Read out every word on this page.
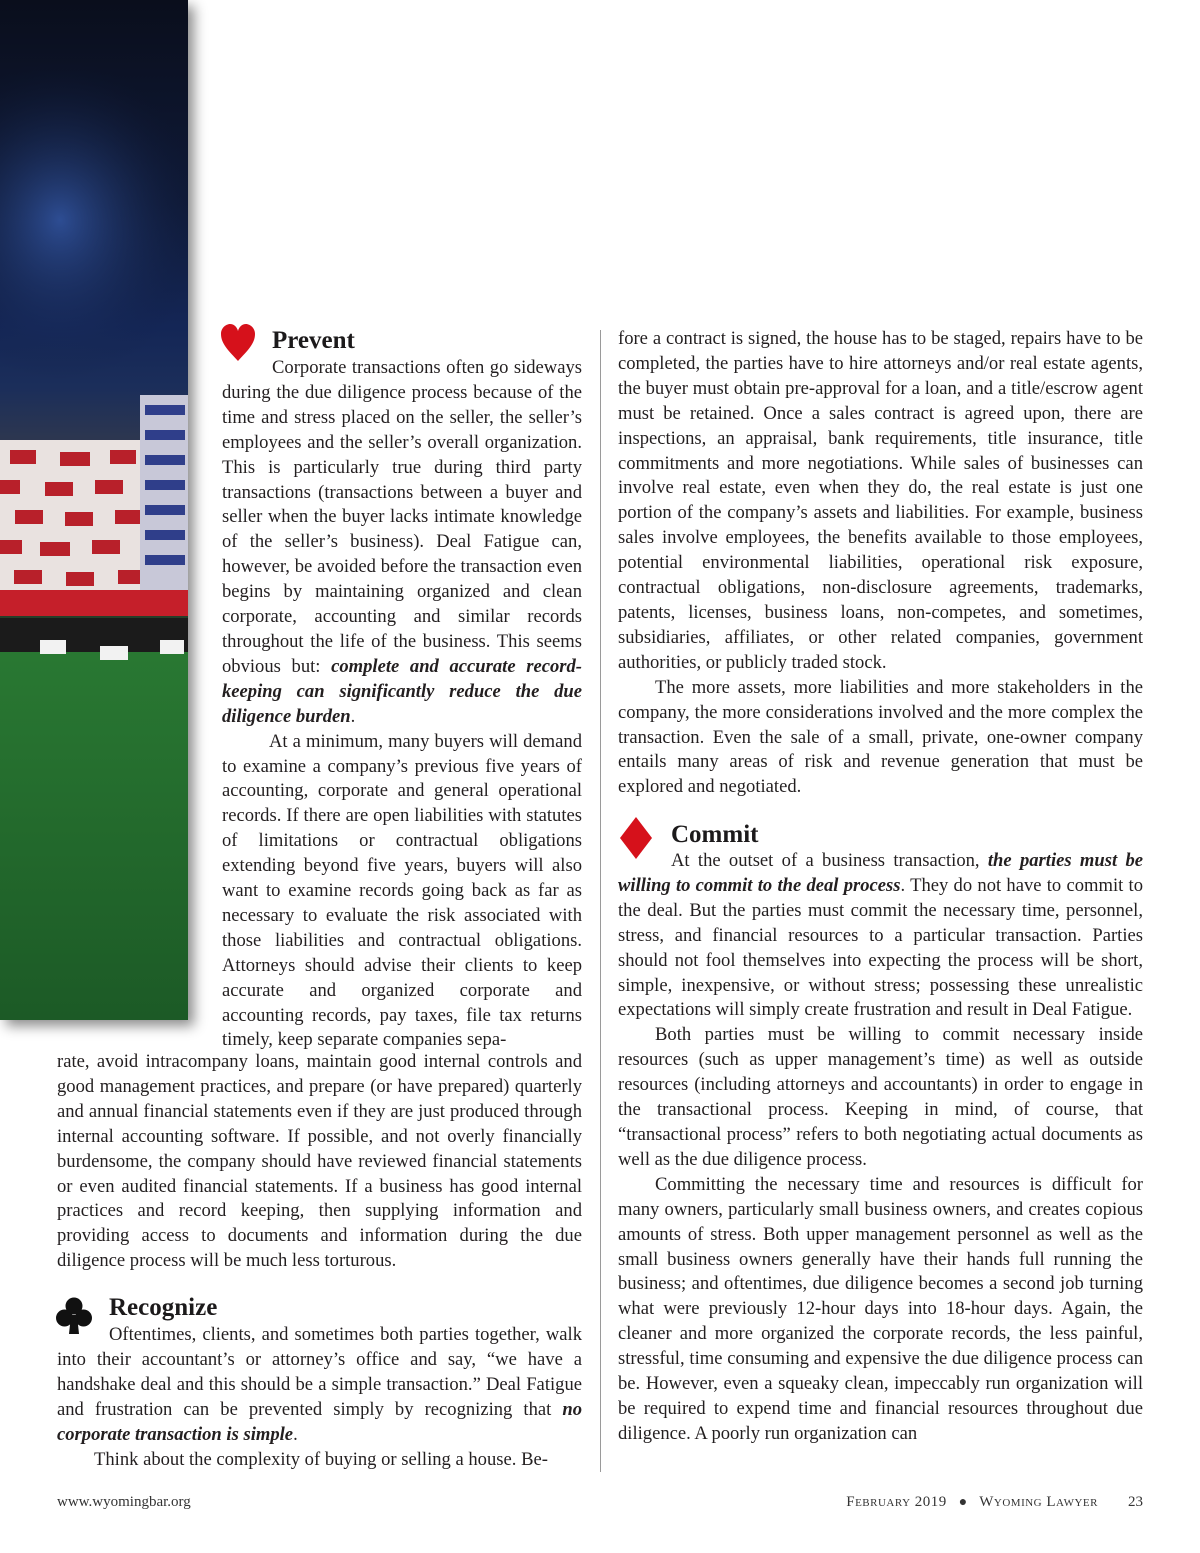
Prevent

Corporate transactions often go sideways during the due diligence process because of the time and stress placed on the seller, the seller’s employees and the seller’s overall organization. This is particularly true during third party transactions (transactions between a buyer and seller when the buyer lacks intimate knowledge of the seller’s business). Deal Fatigue can, however, be avoided before the transaction even begins by maintaining organized and clean corporate, accounting and similar records throughout the life of the business. This seems obvious but: complete and accurate record-keeping can significantly reduce the due diligence burden.

At a minimum, many buyers will demand to examine a company’s previous five years of accounting, corporate and general operational records. If there are open liabilities with statutes of limitations or contractual obligations extending beyond five years, buyers will also want to examine records going back as far as necessary to evaluate the risk associated with those liabilities and contractual obligations. Attorneys should advise their clients to keep accurate and organized corporate and accounting records, pay taxes, file tax returns timely, keep separate companies sepa-

rate, avoid intracompany loans, maintain good internal controls and good management practices, and prepare (or have prepared) quarterly and annual financial statements even if they are just produced through internal accounting software. If possible, and not overly financially burdensome, the company should have reviewed financial statements or even audited financial statements. If a business has good internal practices and record keeping, then supplying information and providing access to documents and information during the due diligence process will be much less torturous.

Recognize

Oftentimes, clients, and sometimes both parties together, walk into their accountant’s or attorney’s office and say, “we have a handshake deal and this should be a simple transaction.” Deal Fatigue and frustration can be prevented simply by recognizing that no corporate transaction is simple.

Think about the complexity of buying or selling a house. Be-

fore a contract is signed, the house has to be staged, repairs have to be completed, the parties have to hire attorneys and/or real estate agents, the buyer must obtain pre-approval for a loan, and a title/escrow agent must be retained. Once a sales contract is agreed upon, there are inspections, an appraisal, bank requirements, title insurance, title commitments and more negotiations. While sales of businesses can involve real estate, even when they do, the real estate is just one portion of the company’s assets and liabilities. For example, business sales involve employees, the benefits available to those employees, potential environmental liabilities, operational risk exposure, contractual obligations, non-disclosure agreements, trademarks, patents, licenses, business loans, non-competes, and sometimes, subsidiaries, affiliates, or other related companies, government authorities, or publicly traded stock.

The more assets, more liabilities and more stakeholders in the company, the more considerations involved and the more complex the transaction. Even the sale of a small, private, one-owner company entails many areas of risk and revenue generation that must be explored and negotiated.

Commit

At the outset of a business transaction, the parties must be willing to commit to the deal process. They do not have to commit to the deal. But the parties must commit the necessary time, personnel, stress, and financial resources to a particular transaction. Parties should not fool themselves into expecting the process will be short, simple, inexpensive, or without stress; possessing these unrealistic expectations will simply create frustration and result in Deal Fatigue.

Both parties must be willing to commit necessary inside resources (such as upper management’s time) as well as outside resources (including attorneys and accountants) in order to engage in the transactional process. Keeping in mind, of course, that “transactional process” refers to both negotiating actual documents as well as the due diligence process.

Committing the necessary time and resources is difficult for many owners, particularly small business owners, and creates copious amounts of stress. Both upper management personnel as well as the small business owners generally have their hands full running the business; and oftentimes, due diligence becomes a second job turning what were previously 12-hour days into 18-hour days. Again, the cleaner and more organized the corporate records, the less painful, stressful, time consuming and expensive the due diligence process can be. However, even a squeaky clean, impeccably run organization will be required to expend time and financial resources throughout due diligence. A poorly run organization can

www.wyomingbar.org	February 2019 ● Wyoming Lawyer 23
